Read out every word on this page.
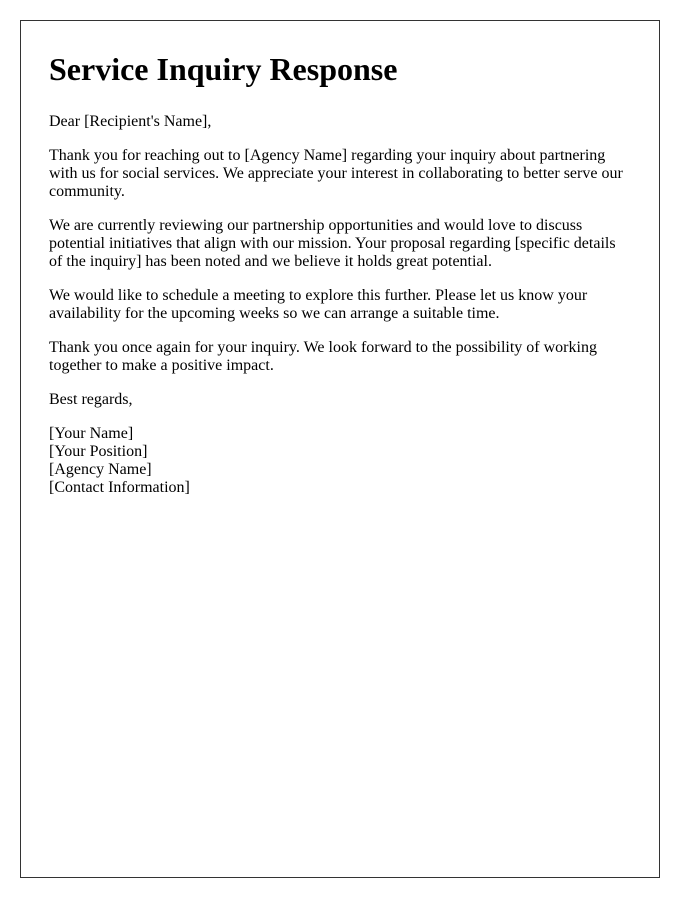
Service Inquiry Response

Dear [Recipient's Name],

Thank you for reaching out to [Agency Name] regarding your inquiry about partnering with us for social services. We appreciate your interest in collaborating to better serve our community.

We are currently reviewing our partnership opportunities and would love to discuss potential initiatives that align with our mission. Your proposal regarding [specific details of the inquiry] has been noted and we believe it holds great potential.

We would like to schedule a meeting to explore this further. Please let us know your availability for the upcoming weeks so we can arrange a suitable time.

Thank you once again for your inquiry. We look forward to the possibility of working together to make a positive impact.

Best regards,

[Your Name]
[Your Position]
[Agency Name]
[Contact Information]
